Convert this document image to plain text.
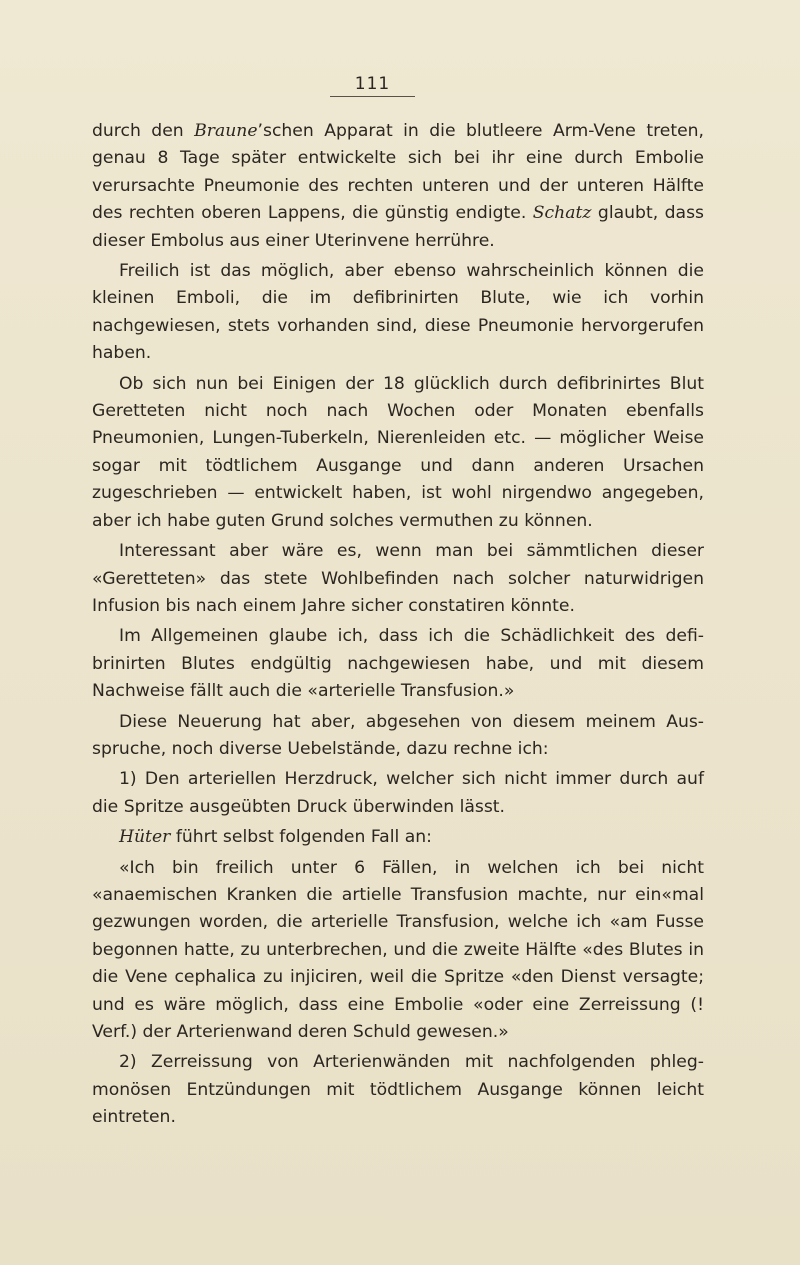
111

durch den Braune’schen Apparat in die blutleere Arm-Vene treten, genau 8 Tage später entwickelte sich bei ihr eine durch Embolie verursachte Pneumonie des rechten unteren und der unteren Hälfte des rechten oberen Lappens, die günstig endigte. Schatz glaubt, dass dieser Embolus aus einer Uterinvene herrühre.

Freilich ist das möglich, aber ebenso wahrscheinlich können die kleinen Emboli, die im defibrinirten Blute, wie ich vorhin nachgewiesen, stets vorhanden sind, diese Pneumonie hervorgerufen haben.

Ob sich nun bei Einigen der 18 glücklich durch defibrinirtes Blut Geretteten nicht noch nach Wochen oder Monaten ebenfalls Pneumonien, Lungen-Tuberkeln, Nierenleiden etc. — möglicher Weise sogar mit tödtlichem Ausgange und dann anderen Ursachen zugeschrieben — entwickelt haben, ist wohl nirgendwo angegeben, aber ich habe guten Grund solches vermuthen zu können.

Interessant aber wäre es, wenn man bei sämmtlichen dieser «Geretteten» das stete Wohlbefinden nach solcher naturwidrigen Infusion bis nach einem Jahre sicher constatiren könnte.

Im Allgemeinen glaube ich, dass ich die Schädlichkeit des defibrinirten Blutes endgültig nachgewiesen habe, und mit diesem Nachweise fällt auch die «arterielle Transfusion.»

Diese Neuerung hat aber, abgesehen von diesem meinem Ausspruche, noch diverse Uebelstände, dazu rechne ich:

1) Den arteriellen Herzdruck, welcher sich nicht immer durch auf die Spritze ausgeübten Druck überwinden lässt.

Hüter führt selbst folgenden Fall an:

«Ich bin freilich unter 6 Fällen, in welchen ich bei nicht «anaemischen Kranken die artielle Transfusion machte, nur ein«mal gezwungen worden, die arterielle Transfusion, welche ich «am Fusse begonnen hatte, zu unterbrechen, und die zweite Hälfte «des Blutes in die Vene cephalica zu injiciren, weil die Spritze «den Dienst versagte; und es wäre möglich, dass eine Embolie «oder eine Zerreissung (! Verf.) der Arterienwand deren Schuld gewesen.»

2) Zerreissung von Arterienwänden mit nachfolgenden phlegmonösen Entzündungen mit tödtlichem Ausgange können leicht eintreten.
